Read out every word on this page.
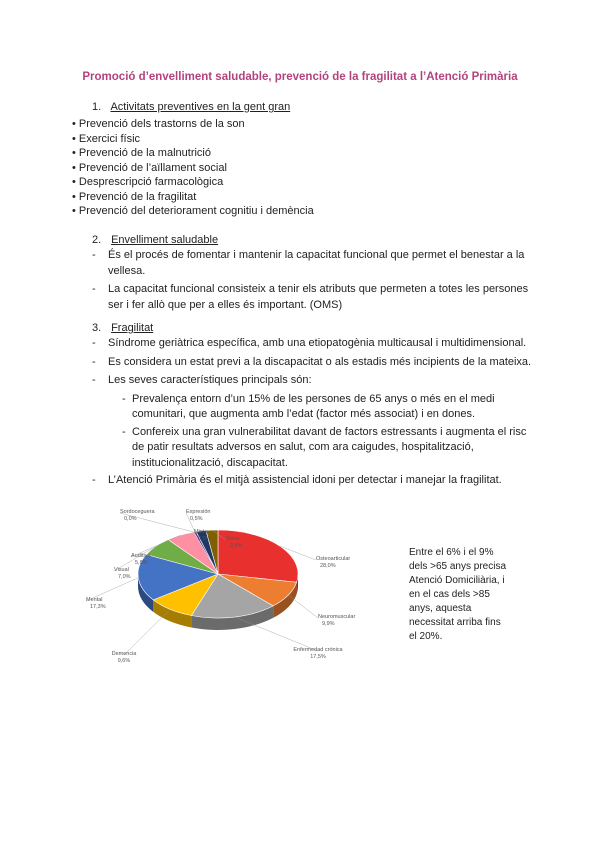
Promoció d’envelliment saludable, prevenció de la fragilitat a l’Atenció Primària
1. Activitats preventives en la gent gran
• Prevenció dels trastorns de la son
• Exercici físic
• Prevenció de la malnutrició
• Prevenció de l’aïllament social
• Desprescripció farmacològica
• Prevenció de la fragilitat
• Prevenció del deteriorament cognitiu i demència
2. Envelliment saludable
- És el procés de fomentar i mantenir la capacitat funcional que permet el benestar a la vellesa.
- La capacitat funcional consisteix a tenir els atributs que permeten a totes les persones ser i fer allò que per a elles és important. (OMS)
3. Fragilitat
- Síndrome geriàtrica específica, amb una etiopatogènia multicausal i multidimensional.
- Es considera un estat previ a la discapacitat o als estadis més incipients de la mateixa.
- Les seves característiques principals són:
- Prevalença entorn d’un 15% de les persones de 65 anys o més en el medi comunitari, que augmenta amb l’edat (factor més associat) i en dones.
- Confereix una gran vulnerabilitat davant de factors estressants i augmenta el risc de patir resultats adversos en salut, com ara caigudes, hospitalització, institucionalització, discapacitat.
- L’Atenció Primària és el mitjà assistencial idoni per detectar i manejar la fragilitat.
Osteoarticular
28,0%
Neuromuscular
9,9%
Enfermedad crónica
17,5%
Demencia
9,6%
Mental
17,3%
Visual
7,0%
Auditiva
5,8%
Sordoceguera
0,0%
Expresión
0,5%
Mixta
2,0%	Otras
2,4%
Entre el 6% i el 9% dels >65 anys precisa Atenció Domiciliària, i en el cas dels >85 anys, aquesta necessitat arriba fins el 20%.
